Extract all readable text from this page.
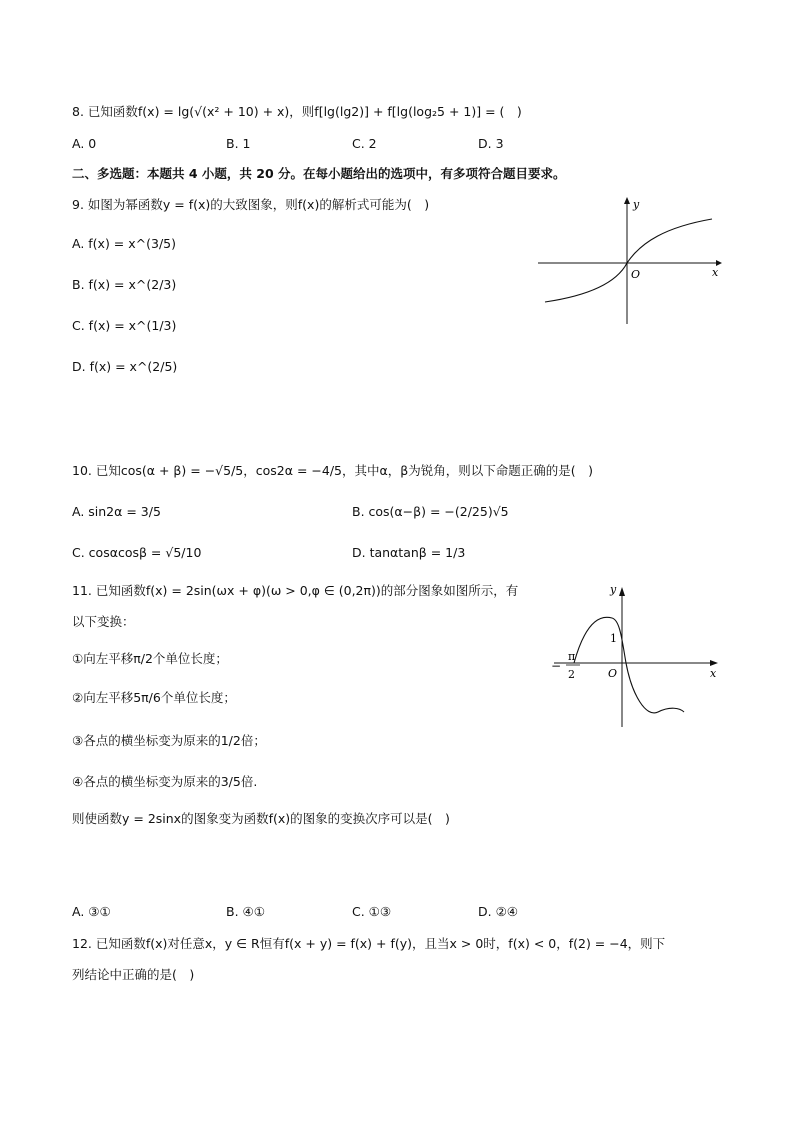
8. 已知函数f(x) = lg(√(x² + 10) + x)，则f[lg(lg2)] + f[lg(log₂5 + 1)] = (　)
A. 0	B. 1	C. 2	D. 3
二、多选题：本题共 4 小题，共 20 分。在每小题给出的选项中，有多项符合题目要求。
9. 如图为幂函数y = f(x)的大致图象，则f(x)的解析式可能为(　)
A. f(x) = x^(3/5)
B. f(x) = x^(2/3)
C. f(x) = x^(1/3)
D. f(x) = x^(2/5)
y
x
O
10. 已知cos(α + β) = −√5/5，cos2α = −4/5，其中α，β为锐角，则以下命题正确的是(　)
A. sin2α = 3/5	B. cos(α−β) = −(2/25)√5
C. cosαcosβ = √5/10	D. tanαtanβ = 1/3
11. 已知函数f(x) = 2sin(ωx + φ)(ω > 0,φ ∈ (0,2π))的部分图象如图所示，有
以下变换：
①向左平移π/2个单位长度；
②向左平移5π/6个单位长度；
③各点的横坐标变为原来的1/2倍；
④各点的横坐标变为原来的3/5倍.
则使函数y = 2sinx的图象变为函数f(x)的图象的变换次序可以是(　)
A. ③①	B. ④①	C. ①③	D. ②④
π
2
−
1
O
y
x
12. 已知函数f(x)对任意x，y ∈ R恒有f(x + y) = f(x) + f(y)，且当x > 0时，f(x) < 0，f(2) = −4，则下
列结论中正确的是(　)
